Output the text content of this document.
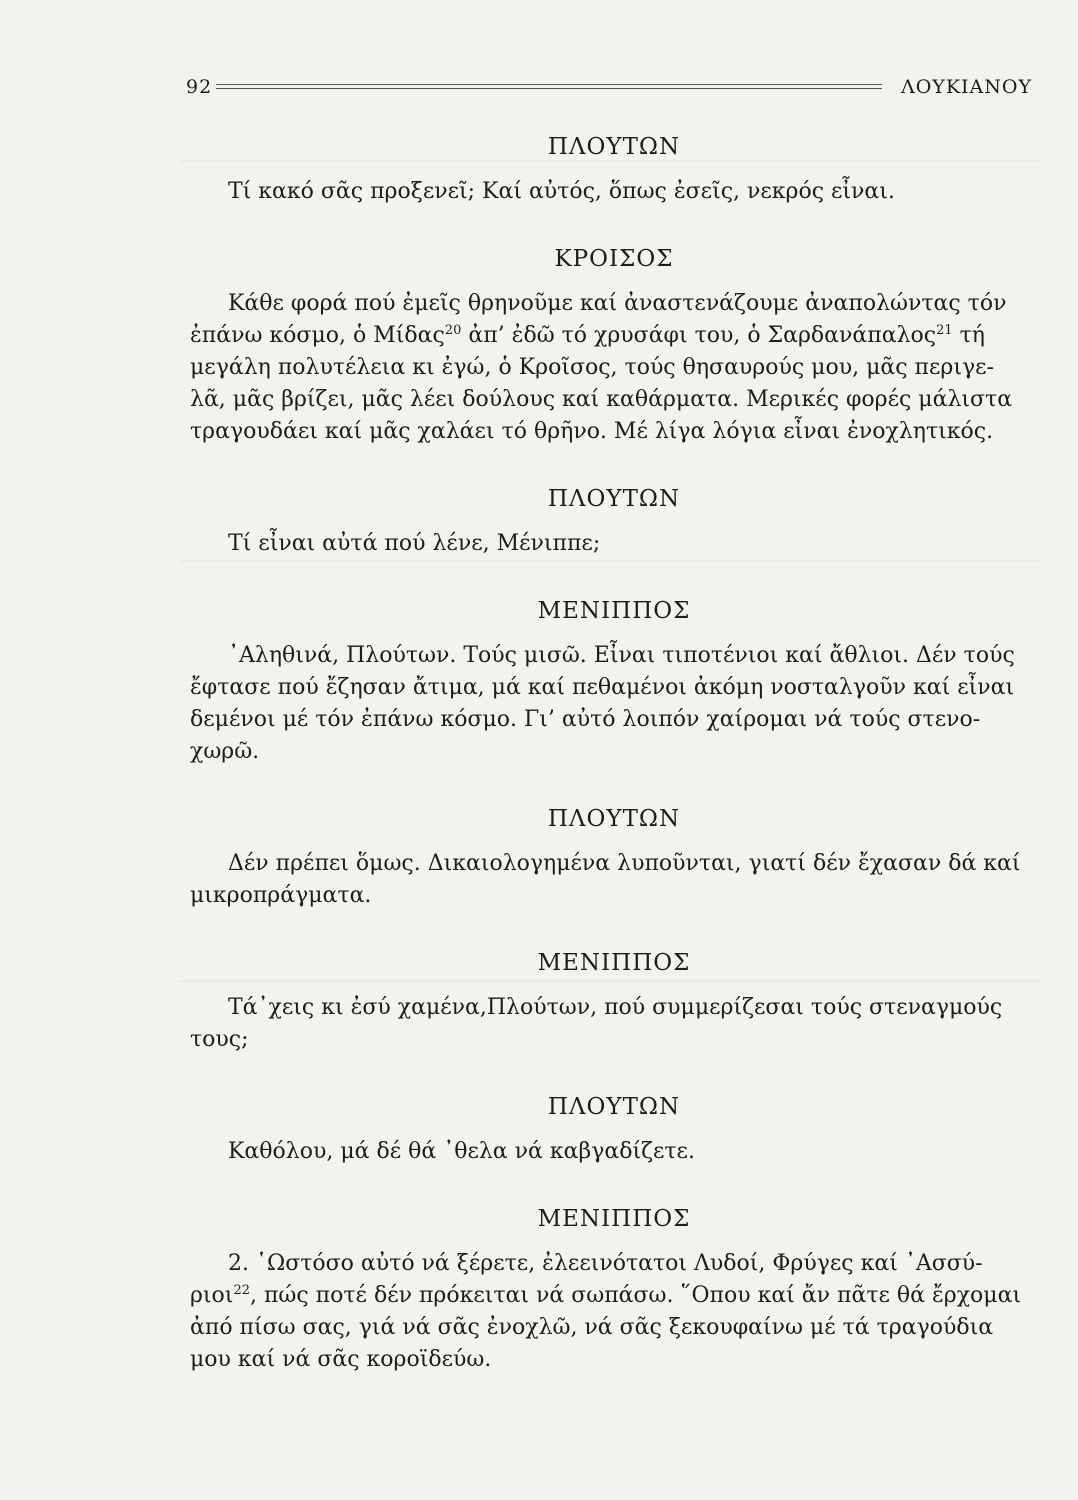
92	ΛΟΥΚΙΑΝΟΥ
ΠΛΟΥΤΩΝ
Τί κακό σᾶς προξενεῖ; Καί αὐτός, ὅπως ἐσεῖς, νεκρός εἶναι.
ΚΡΟΙΣΟΣ
Κάθε φορά πού ἐμεῖς θρηνοῦμε καί ἀναστενάζουμε ἀναπολώντας τόν
ἐπάνω κόσμο, ὁ Μίδας$^{20}$ ἀπ’ ἐδῶ τό χρυσάφι του, ὁ Σαρδανάπαλος$^{21}$ τή
μεγάλη πολυτέλεια κι ἐγώ, ὁ Κροῖσος, τούς θησαυρούς μου, μᾶς περιγε-
λᾶ, μᾶς βρίζει, μᾶς λέει δούλους καί καθάρματα. Μερικές φορές μάλιστα
τραγουδάει καί μᾶς χαλάει τό θρῆνο. Μέ λίγα λόγια εἶναι ἐνοχλητικός.
ΠΛΟΥΤΩΝ
Τί εἶναι αὐτά πού λένε, Μένιππε;
ΜΕΝΙΠΠΟΣ
᾿Αληθινά, Πλούτων. Τούς μισῶ. Εἶναι τιποτένιοι καί ἄθλιοι. Δέν τούς
ἔφτασε πού ἔζησαν ἄτιμα, μά καί πεθαμένοι ἀκόμη νοσταλγοῦν καί εἶναι
δεμένοι μέ τόν ἐπάνω κόσμο. Γι’ αὐτό λοιπόν χαίρομαι νά τούς στενο-
χωρῶ.
ΠΛΟΥΤΩΝ
Δέν πρέπει ὅμως. Δικαιολογημένα λυποῦνται, γιατί δέν ἔχασαν δά καί
μικροπράγματα.
ΜΕΝΙΠΠΟΣ
Τά᾿χεις κι ἐσύ χαμένα,Πλούτων, πού συμμερίζεσαι τούς στεναγμούς
τους;
ΠΛΟΥΤΩΝ
Καθόλου, μά δέ θά ᾿θελα νά καβγαδίζετε.
ΜΕΝΙΠΠΟΣ
2. ῾Ωστόσο αὐτό νά ξέρετε, ἐλεεινότατοι Λυδοί, Φρύγες καί ᾿Ασσύ-
ριοι$^{22}$, πώς ποτέ δέν πρόκειται νά σωπάσω. ῞Οπου καί ἄν πᾶτε θά ἔρχομαι
ἀπό πίσω σας, γιά νά σᾶς ἐνοχλῶ, νά σᾶς ξεκουφαίνω μέ τά τραγούδια
μου καί νά σᾶς κοροϊδεύω.
